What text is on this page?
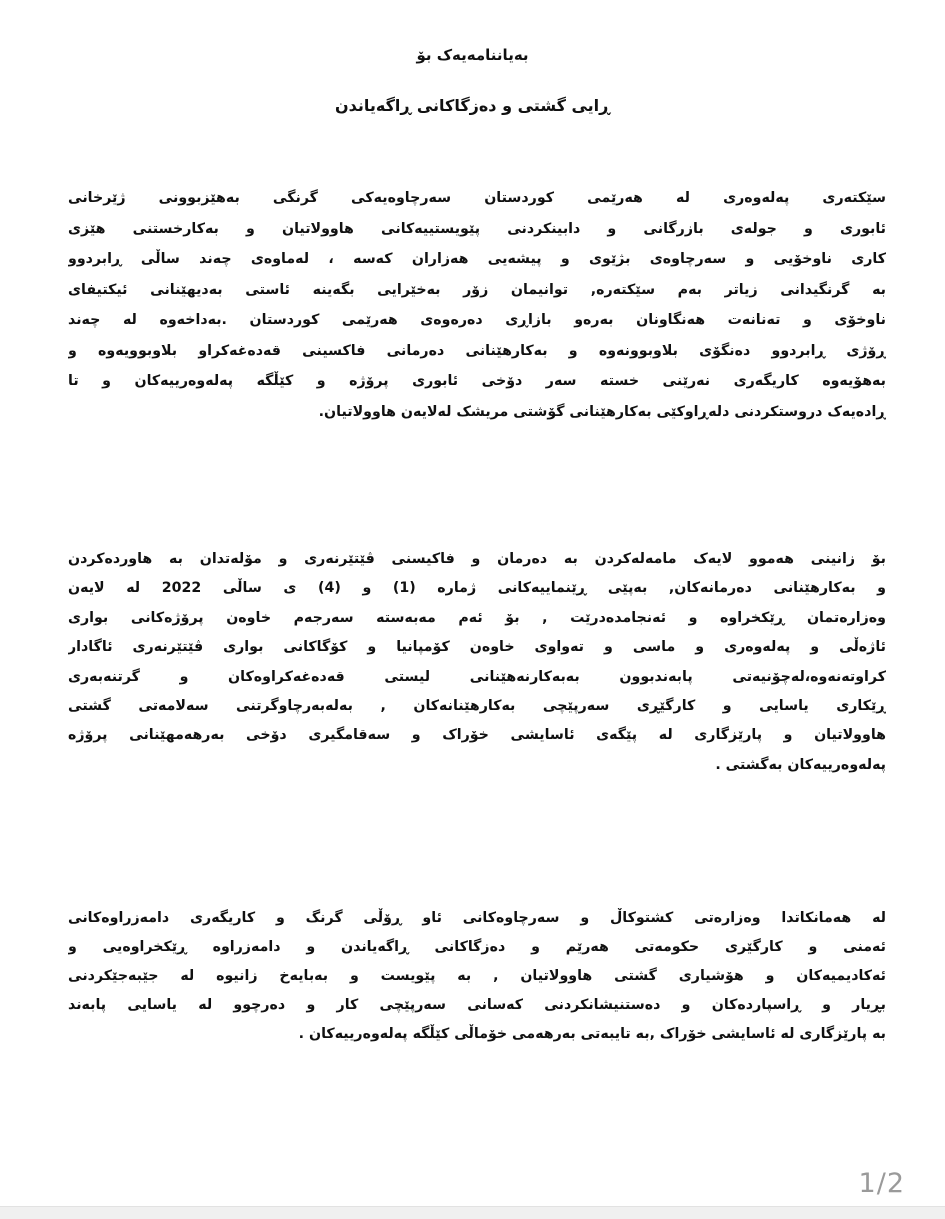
بەیاننامەیەک بۆ
ڕایی گشتی و دەزگاکانی ڕاگەیاندن
سێکتەری پەلەوەری لە هەرێمی کوردستان سەرچاوەیەکی گرنگی بەهێزبوونی ژێرخانی
ئابوری و جولەی بازرگانی و دابینکردنی پێویستییەکانی هاوولاتیان و بەکارخستنی هێزی
کاری ناوخۆیی و سەرچاوەی بژێوی و پیشەیی هەزاران کەسە ، لەماوەی چەند ساڵی ڕابردوو
بە گرنگیدانی زیاتر بەم سێکتەرە, توانیمان زۆر بەخێرایی بگەینە ئاستی بەدیهێنانی ئیکتیفای
ناوخۆی و تەنانەت هەنگاونان بەرەو بازاڕی دەرەوەی هەرێمی کوردستان .بەداخەوە لە چەند
ڕۆژی ڕابردوو دەنگۆی بلاوبوونەوە و بەکارهێنانی دەرمانی فاکسینی قەدەغەکراو بلاوبوویەوە و
بەهۆیەوە کاریگەری نەرێنی خستە سەر دۆخی ئابوری پرۆژە و کێڵگە پەلەوەرییەکان و تا
ڕادەیەک دروستکردنی دلەڕاوکێی بەکارهێنانی گۆشتی مریشک لەلایەن هاوولاتیان.
بۆ زانینی هەموو لایەک مامەلەکردن بە دەرمان و فاکیسنی ڤێتێرنەری و مۆلەتدان بە هاوردەکردن
و بەکارهێنانی دەرمانەکان, بەپێی ڕێنماییەکانی ژمارە (1) و (4) ی ساڵی 2022 لە لایەن
وەزارەتمان ڕێکخراوە و ئەنجامدەدرێت , بۆ ئەم مەبەستە سەرجەم خاوەن پرۆژەکانی بواری
ئاژەڵی و پەلەوەری و ماسی و تەواوی خاوەن کۆمپانیا و کۆگاکانی بواری ڤێتێرنەری ئاگادار
کراوتەنەوە،لەچۆنیەتی پابەندبوون بەبەکارنەهێنانی لیستی قەدەغەکراوەکان و گرتنەبەری
ڕێکاری یاسایی و کارگێڕی سەرپێچی بەکارهێنانەکان , بەلەبەرچاوگرتنی سەلامەتی گشتی
هاوولاتیان و پارێزگاری لە پێگەی ئاسایشی خۆراک و سەقامگیری دۆخی بەرهەمهێنانی پرۆژە
پەلەوەرییەکان بەگشتی .
لە هەمانکاتدا وەزارەتی کشتوکاڵ و سەرچاوەکانی ئاو ڕۆڵی گرنگ و کاریگەری دامەزراوەکانی
ئەمنی و کارگێری حکومەتی هەرێم و دەزگاکانی ڕاگەیاندن و دامەزراوە ڕێکخراوەیی و
ئەکادیمیەکان و هۆشیاری گشتی هاوولاتیان , بە پێویست و بەبایەخ زانیوە لە جێبەجێکردنی
بڕیار و ڕاسپاردەکان و دەستنیشانکردنی کەسانی سەرپێچی کار و دەرچوو لە یاسایی پابەند
بە پارێزگاری لە ئاسایشی خۆراک ,بە تایبەتی بەرهەمی خۆماڵی کێڵگە پەلەوەرییەکان .
1/2
